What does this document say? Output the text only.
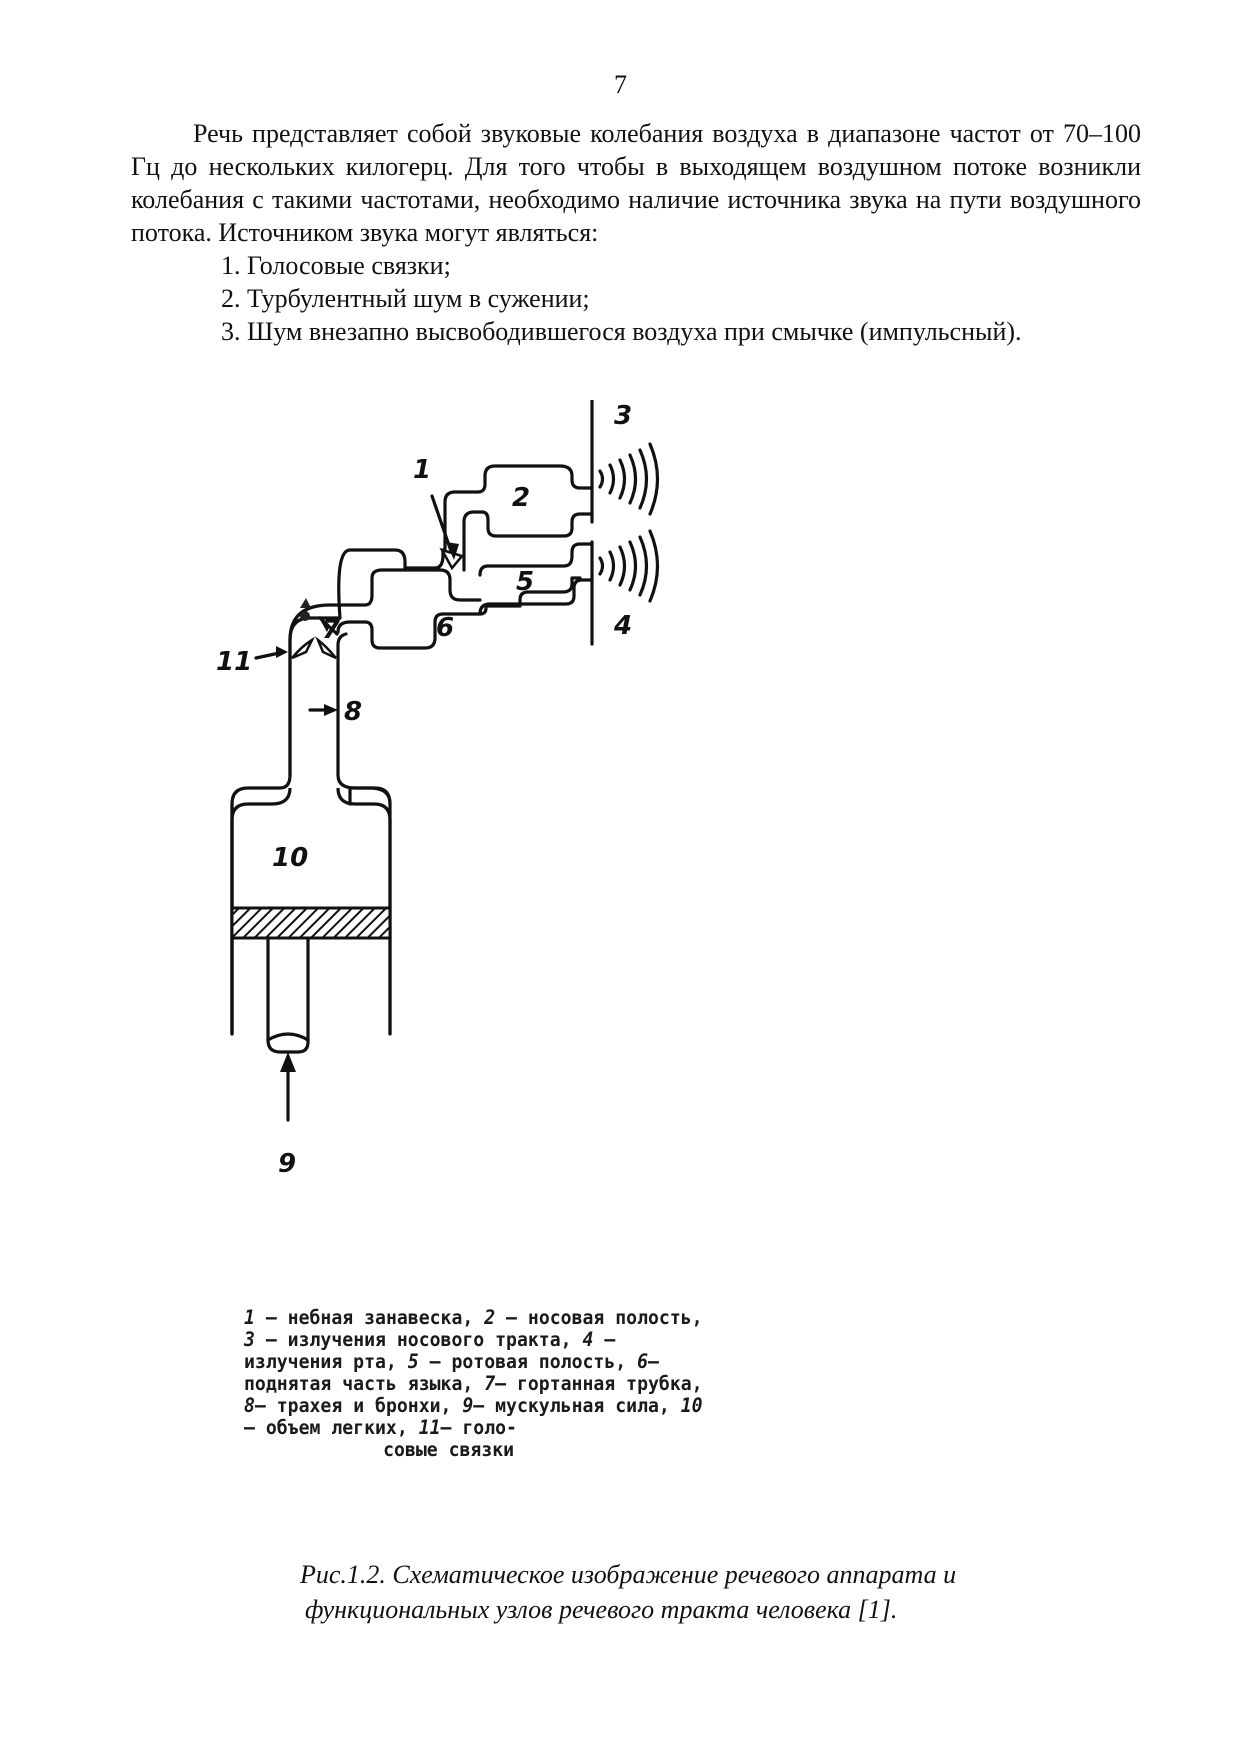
7

Речь представляет собой звуковые колебания воздуха в диапазоне частот от 70–100 Гц до нескольких килогерц. Для того чтобы в выходящем воздушном потоке возникли колебания с такими частотами, необходимо наличие источника звука на пути воздушного потока. Источником звука могут являться:

1. Голосовые связки;
2. Турбулентный шум в сужении;
3. Шум внезапно высвободившегося воздуха при смычке (импульсный).
1
2
3
4
5
6
7
8
9
10
11
1 — небная занавеска, 2 — носовая полость, 3 — излучения носового тракта, 4 — излучения рта, 5 — ротовая полость, 6— поднятая часть языка, 7— гортанная трубка, 8— трахея и бронхи, 9— мускульная сила, 10— объем легких, 11— голо-
совые связки
Рис.1.2. Схематическое изображение речевого аппарата и
функциональных узлов речевого тракта человека [1].
